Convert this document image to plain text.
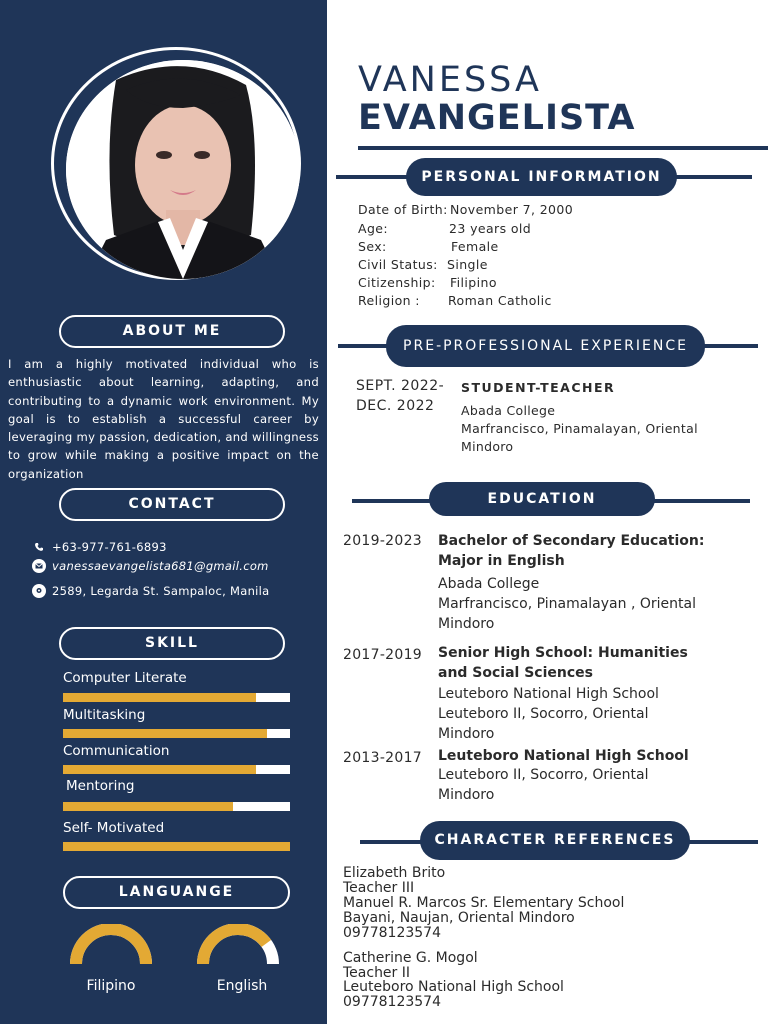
ABOUT ME
I am a highly motivated individual who is enthusiastic about learning, adapting, and contributing to a dynamic work environment. My goal is to establish a successful career by leveraging my passion, dedication, and willingness to grow while making a positive impact on the organization
CONTACT
+63-977-761-6893
vanessaevangelista681@gmail.com
2589, Legarda St. Sampaloc, Manila
SKILL
Computer Literate
Multitasking
Communication
Mentoring
Self- Motivated
LANGUANGE
Filipino	English
VANESSA
EVANGELISTA
PERSONAL INFORMATION
Date of Birth: November 7, 2000
Age:	23 years old
Sex:	Female
Civil Status: Single
Citizenship: Filipino
Religion : Roman Catholic
PRE-PROFESSIONAL EXPERIENCE
SEPT. 2022-
DEC. 2022
STUDENT-TEACHER
Abada College
Marfrancisco, Pinamalayan, Oriental
Mindoro
EDUCATION
2019-2023 Bachelor of Secondary Education:
Major in English
Abada College
Marfrancisco, Pinamalayan , Oriental
Mindoro
2017-2019 Senior High School: Humanities
and Social Sciences
Leuteboro National High School
Leuteboro II, Socorro, Oriental
Mindoro
2013-2017 Leuteboro National High School
Leuteboro II, Socorro, Oriental
Mindoro
CHARACTER REFERENCES
Elizabeth Brito
Teacher III
Manuel R. Marcos Sr. Elementary School
Bayani, Naujan, Oriental Mindoro
09778123574
Catherine G. Mogol
Teacher II
Leuteboro National High School
09778123574
